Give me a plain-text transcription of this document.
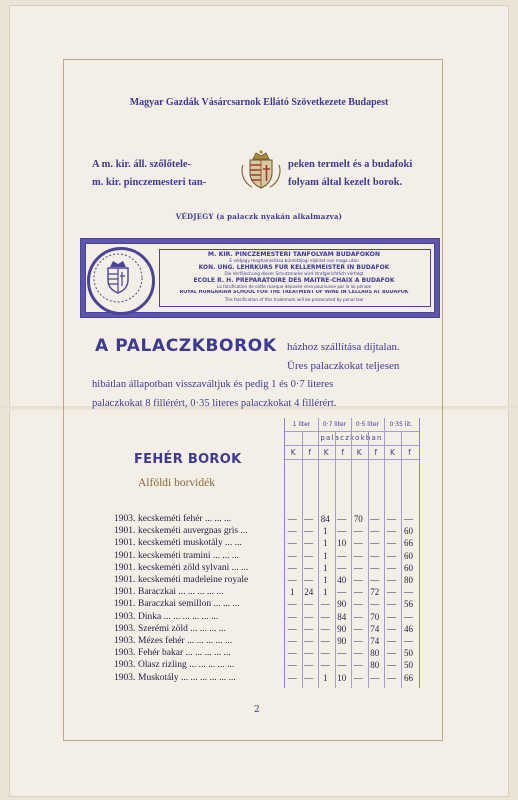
Magyar Gazdák Vásárcsarnok Ellátó Szövetkezete Budapest
A m. kir. áll. szőlőtele-
m. kir. pinczemesteri tan-
peken termelt és a budafoki
folyam által kezelt borok.
VÉDJEGY (a palaczk nyakán alkalmazva)
M. KIR. PINCZEMESTERI TANFOLYAM BUDAFOKON
E védjegy meghamisítása büntetőjogi eljárást von maga után
KÖN. UNG. LEHRKURS FÜR KELLERMEISTER IN BUDAFOK
Die Verfälschung dieser Schutzmarke wird strafgerichtlich verfolgt
ÉCOLE R. H. PRÉPARATOIRE DES MAÎTRE-CHAIX À BUDAFOK
La falsification de cette marque déposée sera poursuivie par la loi pénale
ROYAL HUNGARIAN SCHOOL FOR THE TREATMENT OF WINE IN CELLARS AT BUDAPOK
The falsification of this trademark will be prosecuted by penal law
A PALACZKBOROK házhoz szállítása díjtalan.
Üres palaczkokat teljesen
hibátlan állapotban visszaváltjuk és pedig 1 és 0·7 literes
palaczkokat 8 fillérért, 0·35 literes palaczkokat 4 fillérért.
FEHÉR BOROK
Alföldi borvidék
1 liter	0·7 liter	0·5 liter	0·35 lit.
palaczkokban
K	f	K	f	K	f	K	f
1903. kecskeméti fehér ... ... ...	— — 84 — 70 — — —
1901. kecskeméti auvergnas gris ...	— —	1	— — — — 60
1901. kecskeméti muskotály ... ...	— —	1	10 — — — 66
1901. kecskeméti tramini ... ... ...	— —	1	— — — — 60
1901. kecskeméti zöld sylvani ... ...	— —	1	— — — — 60
1901. kecskeméti madeleine royale	— —	1	40 — — — 80
1901. Baraczkai ... ... ... ... ...	1	24	1	— — 72 — —
1901. Baraczkai semillon ... ... ...	— — — 90 — — — 56
1903. Dinka ... ... ... ... ... ...	— — — 84 — 70 — —
1903. Szerémi zöld ... ... ... ...	— — — 90 — 74 — 46
1903. Mézes fehér ... ... ... ... ...	— — — 90 — 74 — —
1903. Fehér bakar ... ... ... ... ...	— — — — — 80 — 50
1903. Olasz rizling ... ... ... ... ...	— — — — — 80 — 50
1903. Muskotály ... ... ... ... ... ...	— —	1	10 — — — 66
2
